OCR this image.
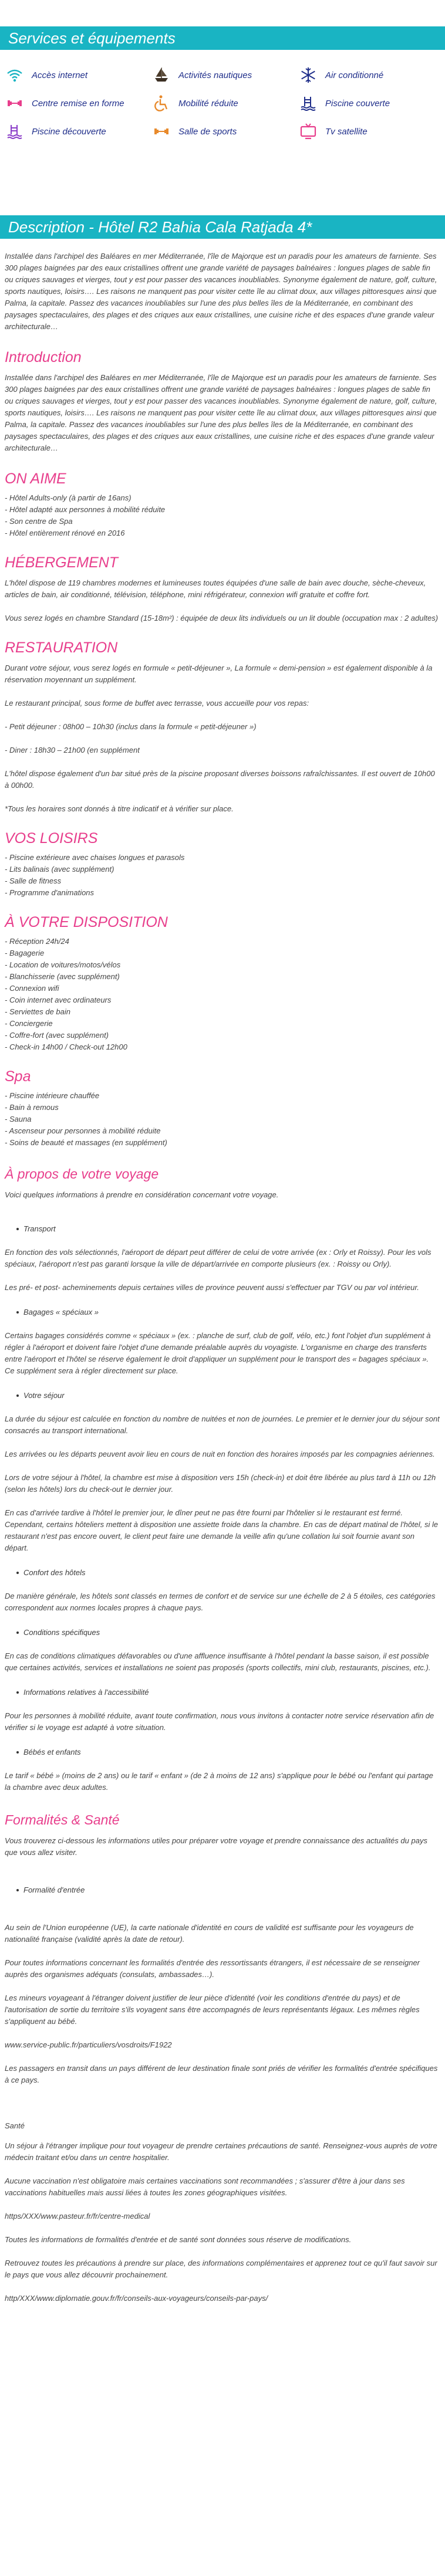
Services et équipements
Accès internet	Activités nautiques	Air conditionné
Centre remise en forme	Mobilité réduite	Piscine couverte
Piscine découverte	Salle de sports	Tv satellite
Description - Hôtel R2 Bahia Cala Ratjada 4*

Installée dans l'archipel des Baléares en mer Méditerranée, l'île de Majorque est un paradis pour les amateurs de farniente. Ses 300 plages baignées par des eaux cristallines offrent une grande variété de paysages balnéaires : longues plages de sable fin ou criques sauvages et vierges, tout y est pour passer des vacances inoubliables. Synonyme également de nature, golf, culture, sports nautiques, loisirs…. Les raisons ne manquent pas pour visiter cette île au climat doux, aux villages pittoresques ainsi que Palma, la capitale. Passez des vacances inoubliables sur l'une des plus belles îles de la Méditerranée, en combinant des paysages spectaculaires, des plages et des criques aux eaux cristallines, une cuisine riche et des espaces d'une grande valeur architecturale…

Introduction

Installée dans l'archipel des Baléares en mer Méditerranée, l'île de Majorque est un paradis pour les amateurs de farniente. Ses 300 plages baignées par des eaux cristallines offrent une grande variété de paysages balnéaires : longues plages de sable fin ou criques sauvages et vierges, tout y est pour passer des vacances inoubliables. Synonyme également de nature, golf, culture, sports nautiques, loisirs…. Les raisons ne manquent pas pour visiter cette île au climat doux, aux villages pittoresques ainsi que Palma, la capitale. Passez des vacances inoubliables sur l'une des plus belles îles de la Méditerranée, en combinant des paysages spectaculaires, des plages et des criques aux eaux cristallines, une cuisine riche et des espaces d'une grande valeur architecturale…

ON AIME

- Hôtel Adults-only (à partir de 16ans)

- Hôtel adapté aux personnes à mobilité réduite

- Son centre de Spa

- Hôtel entièrement rénové en 2016

HÉBERGEMENT

L'hôtel dispose de 119 chambres modernes et lumineuses toutes équipées d'une salle de bain avec douche, sèche-cheveux, articles de bain, air conditionné, télévision, téléphone, mini réfrigérateur, connexion wifi gratuite et coffre fort.

Vous serez logés en chambre Standard (15-18m²) : équipée de deux lits individuels ou un lit double (occupation max : 2 adultes)

RESTAURATION

Durant votre séjour, vous serez logés en formule « petit-déjeuner », La formule « demi-pension » est également disponible à la réservation moyennant un supplément.

Le restaurant principal, sous forme de buffet avec terrasse, vous accueille pour vos repas:

- Petit déjeuner : 08h00 – 10h30 (inclus dans la formule « petit-déjeuner »)

- Diner : 18h30 – 21h00 (en supplément

L'hôtel dispose également d'un bar situé près de la piscine proposant diverses boissons rafraîchissantes. Il est ouvert de 10h00 à 00h00.

*Tous les horaires sont donnés à titre indicatif et à vérifier sur place.

VOS LOISIRS

- Piscine extérieure avec chaises longues et parasols

- Lits balinais (avec supplément)

- Salle de fitness

- Programme d'animations

À VOTRE DISPOSITION

- Réception 24h/24

- Bagagerie

- Location de voitures/motos/vélos

- Blanchisserie (avec supplément)

- Connexion wifi

- Coin internet avec ordinateurs

- Serviettes de bain

- Conciergerie

- Coffre-fort (avec supplément)

- Check-in 14h00 / Check-out 12h00

Spa

- Piscine intérieure chauffée

- Bain à remous

- Sauna

- Ascenseur pour personnes à mobilité réduite

- Soins de beauté et massages (en supplément)

À propos de votre voyage

Voici quelques informations à prendre en considération concernant votre voyage.

Transport

En fonction des vols sélectionnés, l'aéroport de départ peut différer de celui de votre arrivée (ex : Orly et Roissy). Pour les vols spéciaux, l'aéroport n'est pas garanti lorsque la ville de départ/arrivée en comporte plusieurs (ex. : Roissy ou Orly).

Les pré- et post- acheminements depuis certaines villes de province peuvent aussi s'effectuer par TGV ou par vol intérieur.

Bagages « spéciaux »

Certains bagages considérés comme « spéciaux » (ex. : planche de surf, club de golf, vélo, etc.) font l'objet d'un supplément à régler à l'aéroport et doivent faire l'objet d'une demande préalable auprès du voyagiste. L'organisme en charge des transferts entre l'aéroport et l'hôtel se réserve également le droit d'appliquer un supplément pour le transport des « bagages spéciaux ». Ce supplément sera à régler directement sur place.

Votre séjour

La durée du séjour est calculée en fonction du nombre de nuitées et non de journées. Le premier et le dernier jour du séjour sont consacrés au transport international.

Les arrivées ou les départs peuvent avoir lieu en cours de nuit en fonction des horaires imposés par les compagnies aériennes.

Lors de votre séjour à l'hôtel, la chambre est mise à disposition vers 15h (check-in) et doit être libérée au plus tard à 11h ou 12h (selon les hôtels) lors du check-out le dernier jour.

En cas d'arrivée tardive à l'hôtel le premier jour, le dîner peut ne pas être fourni par l'hôtelier si le restaurant est fermé. Cependant, certains hôteliers mettent à disposition une assiette froide dans la chambre. En cas de départ matinal de l'hôtel, si le restaurant n'est pas encore ouvert, le client peut faire une demande la veille afin qu'une collation lui soit fournie avant son départ.

Confort des hôtels

De manière générale, les hôtels sont classés en termes de confort et de service sur une échelle de 2 à 5 étoiles, ces catégories correspondent aux normes locales propres à chaque pays.

Conditions spécifiques

En cas de conditions climatiques défavorables ou d'une affluence insuffisante à l'hôtel pendant la basse saison, il est possible que certaines activités, services et installations ne soient pas proposés (sports collectifs, mini club, restaurants, piscines, etc.).

Informations relatives à l'accessibilité

Pour les personnes à mobilité réduite, avant toute confirmation, nous vous invitons à contacter notre service réservation afin de vérifier si le voyage est adapté à votre situation.

Bébés et enfants

Le tarif « bébé » (moins de 2 ans) ou le tarif « enfant » (de 2 à moins de 12 ans) s'applique pour le bébé ou l'enfant qui partage la chambre avec deux adultes.

Formalités & Santé

Vous trouverez ci-dessous les informations utiles pour préparer votre voyage et prendre connaissance des actualités du pays que vous allez visiter.

Formalité d'entrée

Au sein de l'Union européenne (UE), la carte nationale d'identité en cours de validité est suffisante pour les voyageurs de nationalité française (validité après la date de retour).

Pour toutes informations concernant les formalités d'entrée des ressortissants étrangers, il est nécessaire de se renseigner auprès des organismes adéquats (consulats, ambassades…).

Les mineurs voyageant à l'étranger doivent justifier de leur pièce d'identité (voir les conditions d'entrée du pays) et de l'autorisation de sortie du territoire s'ils voyagent sans être accompagnés de leurs représentants légaux. Les mêmes règles s'appliquent au bébé.

www.service-public.fr/particuliers/vosdroits/F1922

Les passagers en transit dans un pays différent de leur destination finale sont priés de vérifier les formalités d'entrée spécifiques à ce pays.

Santé

Un séjour à l'étranger implique pour tout voyageur de prendre certaines précautions de santé. Renseignez-vous auprès de votre médecin traitant et/ou dans un centre hospitalier.

Aucune vaccination n'est obligatoire mais certaines vaccinations sont recommandées ; s'assurer d'être à jour dans ses vaccinations habituelles mais aussi liées à toutes les zones géographiques visitées.

https/XXX/www.pasteur.fr/fr/centre-medical

Toutes les informations de formalités d'entrée et de santé sont données sous réserve de modifications.

Retrouvez toutes les précautions à prendre sur place, des informations complémentaires et apprenez tout ce qu'il faut savoir sur le pays que vous allez découvrir prochainement.

http/XXX/www.diplomatie.gouv.fr/fr/conseils-aux-voyageurs/conseils-par-pays/
